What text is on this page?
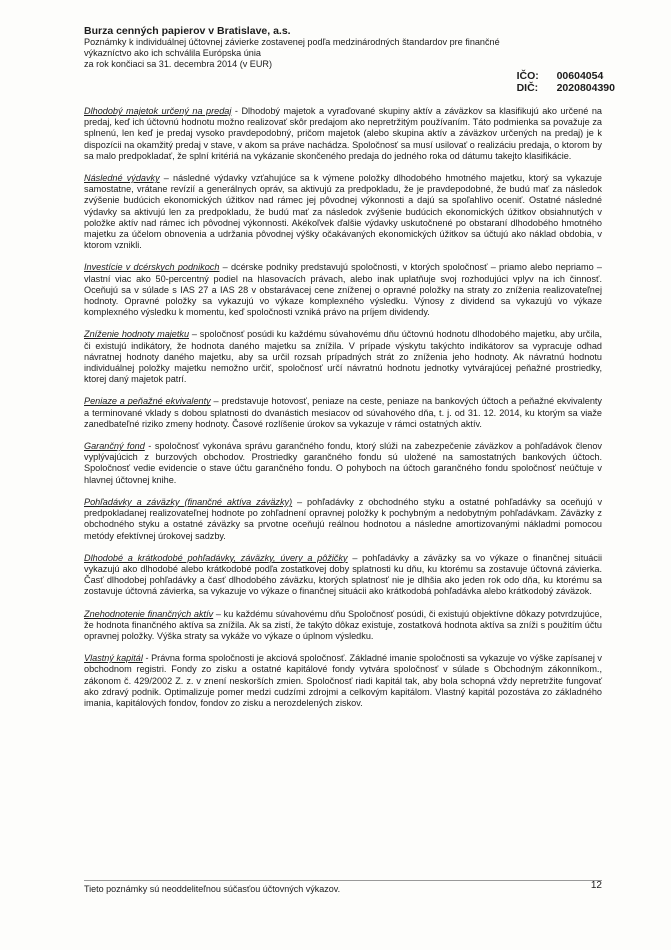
Burza cenných papierov v Bratislave, a.s.
Poznámky k individuálnej účtovnej závierke zostavenej podľa medzinárodných štandardov pre finančné
výkazníctvo ako ich schválila Európska únia
za rok končiaci sa 31. decembra 2014 (v EUR)
IČO:	00604054
DIČ:	2020804390

Dlhodobý majetok určený na predaj - Dlhodobý majetok a vyraďované skupiny aktív a záväzkov sa klasifikujú ako určené na predaj, keď ich účtovnú hodnotu možno realizovať skôr predajom ako nepretržitým používaním. Táto podmienka sa považuje za splnenú, len keď je predaj vysoko pravdepodobný, pričom majetok (alebo skupina aktív a záväzkov určených na predaj) je k dispozícii na okamžitý predaj v stave, v akom sa práve nachádza. Spoločnosť sa musí usilovať o realizáciu predaja, o ktorom by sa malo predpokladať, že splní kritériá na vykázanie skončeného predaja do jedného roka od dátumu takejto klasifikácie.

Následné výdavky – následné výdavky vzťahujúce sa k výmene položky dlhodobého hmotného majetku, ktorý sa vykazuje samostatne, vrátane revízií a generálnych opráv, sa aktivujú za predpokladu, že je pravdepodobné, že budú mať za následok zvýšenie budúcich ekonomických úžitkov nad rámec jej pôvodnej výkonnosti a dajú sa spoľahlivo oceniť. Ostatné následné výdavky sa aktivujú len za predpokladu, že budú mať za následok zvýšenie budúcich ekonomických úžitkov obsiahnutých v položke aktív nad rámec ich pôvodnej výkonnosti. Akékoľvek ďalšie výdavky uskutočnené po obstaraní dlhodobého hmotného majetku za účelom obnovenia a udržania pôvodnej výšky očakávaných ekonomických úžitkov sa účtujú ako náklad obdobia, v ktorom vznikli.

Investície v dcérskych podnikoch – dcérske podniky predstavujú spoločnosti, v ktorých spoločnosť – priamo alebo nepriamo – vlastní viac ako 50-percentný podiel na hlasovacích právach, alebo inak uplatňuje svoj rozhodujúci vplyv na ich činnosť. Oceňujú sa v súlade s IAS 27 a IAS 28 v obstarávacej cene zníženej o opravné položky na straty zo zníženia realizovateľnej hodnoty. Opravné položky sa vykazujú vo výkaze komplexného výsledku. Výnosy z dividend sa vykazujú vo výkaze komplexného výsledku k momentu, keď spoločnosti vzniká právo na príjem dividendy.

Zníženie hodnoty majetku – spoločnosť posúdi ku každému súvahovému dňu účtovnú hodnotu dlhodobého majetku, aby určila, či existujú indikátory, že hodnota daného majetku sa znížila. V prípade výskytu takýchto indikátorov sa vypracuje odhad návratnej hodnoty daného majetku, aby sa určil rozsah prípadných strát zo zníženia jeho hodnoty. Ak návratnú hodnotu individuálnej položky majetku nemožno určiť, spoločnosť určí návratnú hodnotu jednotky vytvárajúcej peňažné prostriedky, ktorej daný majetok patrí.

Peniaze a peňažné ekvivalenty – predstavuje hotovosť, peniaze na ceste, peniaze na bankových účtoch a peňažné ekvivalenty a terminované vklady s dobou splatnosti do dvanástich mesiacov od súvahového dňa, t. j. od 31. 12. 2014, ku ktorým sa viaže zanedbateľné riziko zmeny hodnoty. Časové rozlíšenie úrokov sa vykazuje v rámci ostatných aktív.

Garančný fond - spoločnosť vykonáva správu garančného fondu, ktorý slúži na zabezpečenie záväzkov a pohľadávok členov vyplývajúcich z burzových obchodov. Prostriedky garančného fondu sú uložené na samostatných bankových účtoch. Spoločnosť vedie evidencie o stave účtu garančného fondu. O pohyboch na účtoch garančného fondu spoločnosť neúčtuje v hlavnej účtovnej knihe.

Pohľadávky a záväzky (finančné aktíva záväzky) – pohľadávky z obchodného styku a ostatné pohľadávky sa oceňujú v predpokladanej realizovateľnej hodnote po zohľadnení opravnej položky k pochybným a nedobytným pohľadávkam. Záväzky z obchodného styku a ostatné záväzky sa prvotne oceňujú reálnou hodnotou a následne amortizovanými nákladmi pomocou metódy efektívnej úrokovej sadzby.

Dlhodobé a krátkodobé pohľadávky, záväzky, úvery a pôžičky – pohľadávky a záväzky sa vo výkaze o finančnej situácii vykazujú ako dlhodobé alebo krátkodobé podľa zostatkovej doby splatnosti ku dňu, ku ktorému sa zostavuje účtovná závierka. Časť dlhodobej pohľadávky a časť dlhodobého záväzku, ktorých splatnosť nie je dlhšia ako jeden rok odo dňa, ku ktorému sa zostavuje účtovná závierka, sa vykazuje vo výkaze o finančnej situácii ako krátkodobá pohľadávka alebo krátkodobý záväzok.

Znehodnotenie finančných aktív – ku každému súvahovému dňu Spoločnosť posúdi, či existujú objektívne dôkazy potvrdzujúce, že hodnota finančného aktíva sa znížila. Ak sa zistí, že takýto dôkaz existuje, zostatková hodnota aktíva sa zníži s použitím účtu opravnej položky. Výška straty sa vykáže vo výkaze o úplnom výsledku.

Vlastný kapitál - Právna forma spoločnosti je akciová spoločnosť. Základné imanie spoločnosti sa vykazuje vo výške zapísanej v obchodnom registri. Fondy zo zisku a ostatné kapitálové fondy vytvára spoločnosť v súlade s Obchodným zákonníkom., zákonom č. 429/2002 Z. z. v znení neskorších zmien. Spoločnosť riadi kapitál tak, aby bola schopná vždy nepretržite fungovať ako zdravý podnik. Optimalizuje pomer medzi cudzími zdrojmi a celkovým kapitálom. Vlastný kapitál pozostáva zo základného imania, kapitálových fondov, fondov zo zisku a nerozdelených ziskov.

Tieto poznámky sú neoddeliteľnou súčasťou účtovných výkazov.	12
